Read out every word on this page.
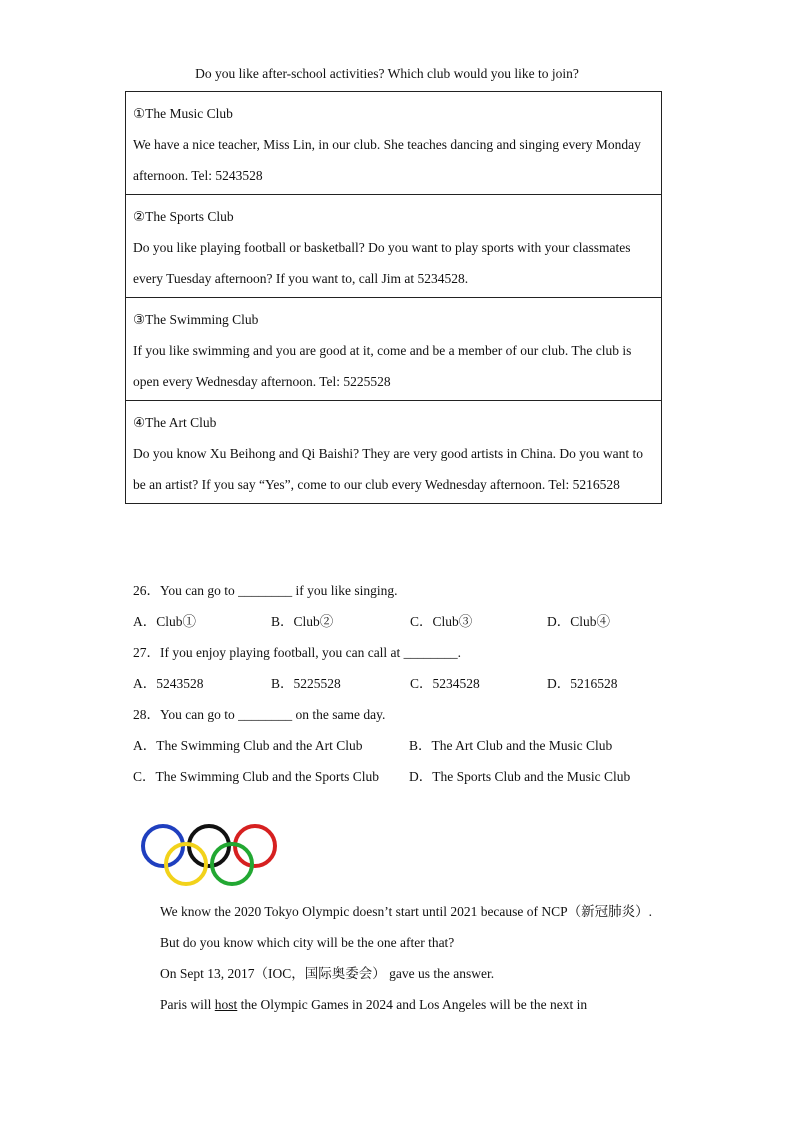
Do you like after-school activities? Which club would you like to join?
①The Music Club
We have a nice teacher, Miss Lin, in our club. She teaches dancing and singing every Monday afternoon. Tel: 5243528
②The Sports Club
Do you like playing football or basketball? Do you want to play sports with your classmates every Tuesday afternoon? If you want to, call Jim at 5234528.
③The Swimming Club
If you like swimming and you are good at it, come and be a member of our club. The club is open every Wednesday afternoon. Tel: 5225528
④The Art Club
Do you know Xu Beihong and Qi Baishi? They are very good artists in China. Do you want to be an artist? If you say “Yes”, come to our club every Wednesday afternoon. Tel: 5216528
26．You can go to ________ if you like singing.
A．Club①	B．Club②	C．Club③	D．Club④
27．If you enjoy playing football, you can call at ________.
A．5243528	B．5225528	C．5234528	D．5216528
28．You can go to ________ on the same day.
A．The Swimming Club and the Art Club	B．The Art Club and the Music Club
C．The Swimming Club and the Sports Club D．The Sports Club and the Music Club

We know the 2020 Tokyo Olympic doesn’t start until 2021 because of NCP（新冠肺炎）.

But do you know which city will be the one after that?

On Sept 13, 2017（IOC，国际奥委会） gave us the answer.

Paris will host the Olympic Games in 2024 and Los Angeles will be the next in
